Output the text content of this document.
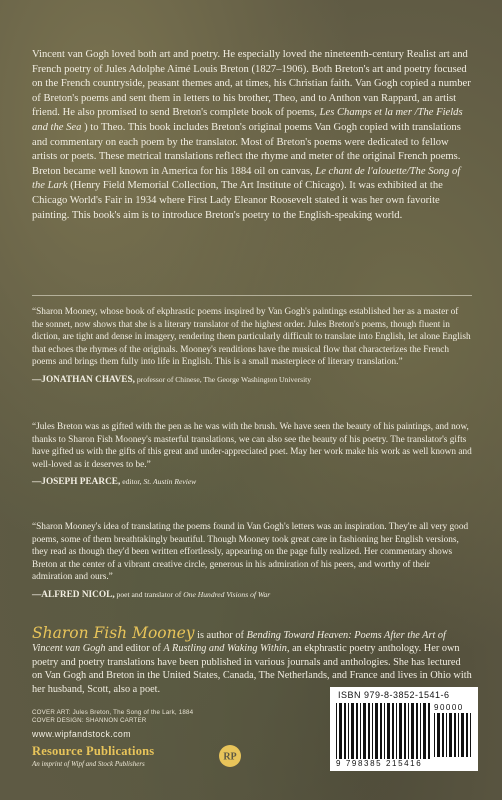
Vincent van Gogh loved both art and poetry. He especially loved the nineteenth-century Realist art and French poetry of Jules Adolphe Aimé Louis Breton (1827–1906). Both Breton's art and poetry focused on the French countryside, peasant themes and, at times, his Christian faith. Van Gogh copied a number of Breton's poems and sent them in letters to his brother, Theo, and to Anthon van Rappard, an artist friend. He also promised to send Breton's complete book of poems, Les Champs et la mer /The Fields and the Sea ) to Theo. This book includes Breton's original poems Van Gogh copied with translations and commentary on each poem by the translator. Most of Breton's poems were dedicated to fellow artists or poets. These metrical translations reflect the rhyme and meter of the original French poems. Breton became well known in America for his 1884 oil on canvas, Le chant de l'alouette/The Song of the Lark (Henry Field Memorial Collection, The Art Institute of Chicago). It was exhibited at the Chicago World's Fair in 1934 where First Lady Eleanor Roosevelt stated it was her own favorite painting. This book's aim is to introduce Breton's poetry to the English-speaking world.
“Sharon Mooney, whose book of ekphrastic poems inspired by Van Gogh's paintings established her as a master of the sonnet, now shows that she is a literary translator of the highest order. Jules Breton's poems, though fluent in diction, are tight and dense in imagery, rendering them particularly difficult to translate into English, let alone English that echoes the rhymes of the originals. Mooney's renditions have the musical flow that characterizes the French poems and brings them fully into life in English. This is a small masterpiece of literary translation.”
—JONATHAN CHAVES, professor of Chinese, The George Washington University
“Jules Breton was as gifted with the pen as he was with the brush. We have seen the beauty of his paintings, and now, thanks to Sharon Fish Mooney's masterful translations, we can also see the beauty of his poetry. The translator's gifts have gifted us with the gifts of this great and under-appreciated poet. May her work make his work as well known and well-loved as it deserves to be.”
—JOSEPH PEARCE, editor, St. Austin Review
“Sharon Mooney's idea of translating the poems found in Van Gogh's letters was an inspiration. They're all very good poems, some of them breathtakingly beautiful. Though Mooney took great care in fashioning her English versions, they read as though they'd been written effortlessly, appearing on the page fully realized. Her commentary shows Breton at the center of a vibrant creative circle, generous in his admiration of his peers, and worthy of their admiration and ours.”
—ALFRED NICOL, poet and translator of One Hundred Visions of War
Sharon Fish Mooney is author of Bending Toward Heaven: Poems After the Art of Vincent van Gogh and editor of A Rustling and Waking Within, an ekphrastic poetry anthology. Her own poetry and poetry translations have been published in various journals and anthologies. She has lectured on Van Gogh and Breton in the United States, Canada, The Netherlands, and France and lives in Ohio with her husband, Scott, also a poet.
COVER ART: Jules Breton, The Song of the Lark, 1884
COVER DESIGN: SHANNON CARTER
www.wipfandstock.com
Resource Publications
An imprint of Wipf and Stock Publishers
RP
ISBN 979-8-3852-1541-6
9 798385 215416
90000
